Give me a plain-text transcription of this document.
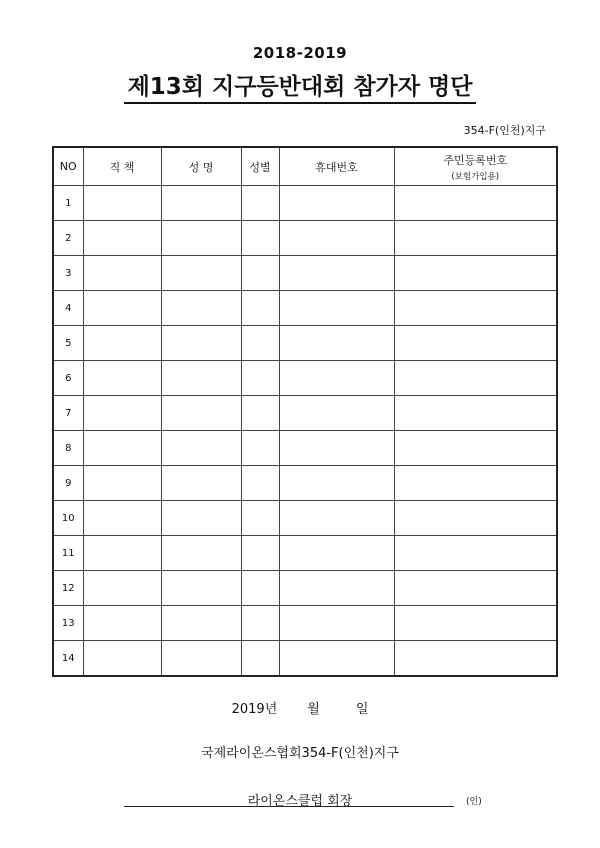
2018-2019
제13회 지구등반대회 참가자 명단
354-F(인천)지구
NO	직 책	성 명	성별	휴대번호	주민등록번호
(보험가입용)

1					
2					
3					
4					
5					
6					
7					
8					
9					
10					
11					
12					
13					
14					
2019년 월	일
국제라이온스협회354-F(인천)지구
라이온스클럽 회장	(인)
